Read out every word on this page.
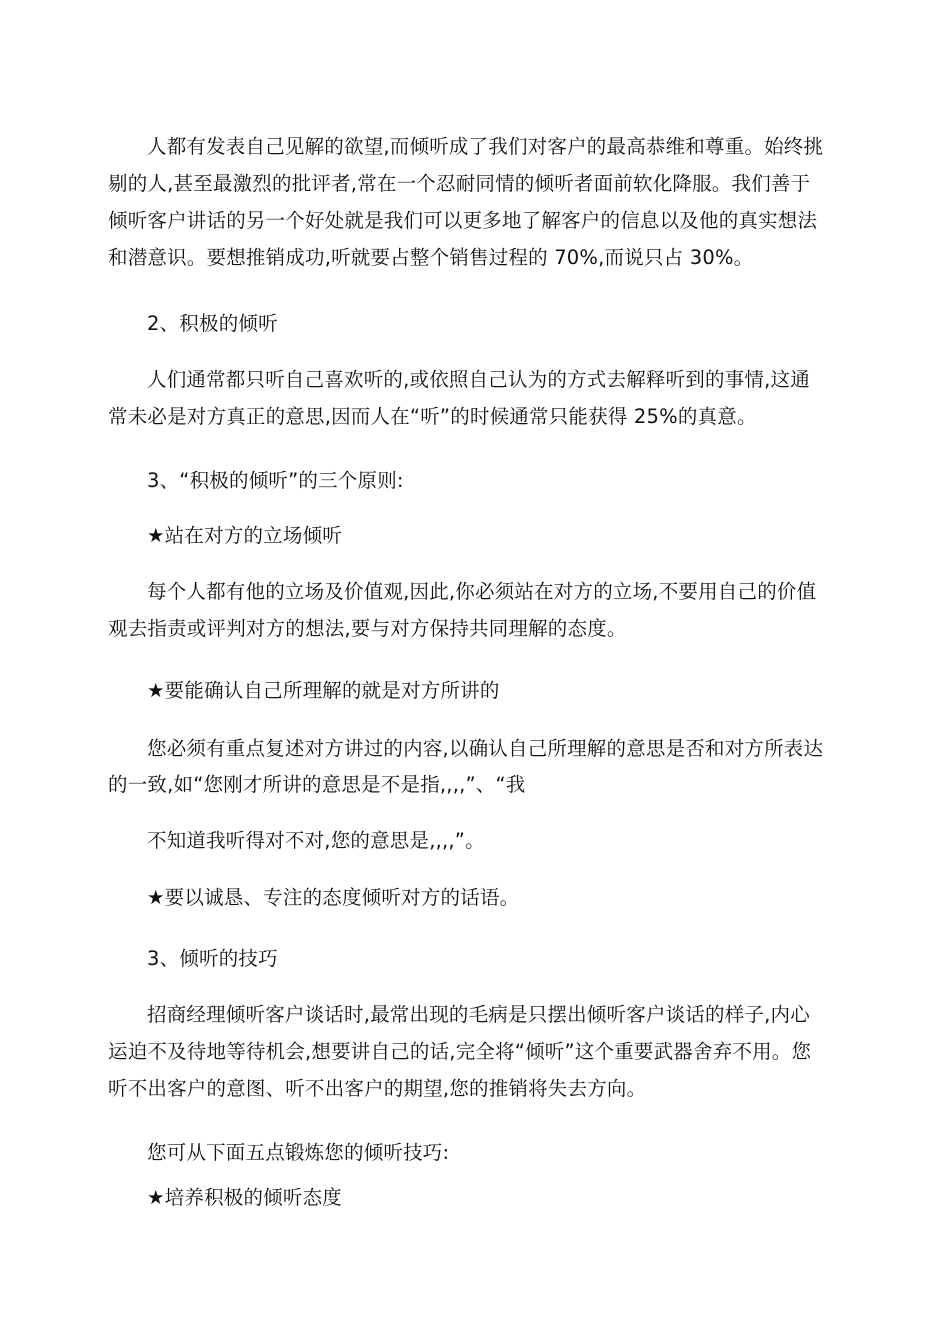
人都有发表自己见解的欲望,而倾听成了我们对客户的最高恭维和尊重。始终挑
剔的人,甚至最激烈的批评者,常在一个忍耐同情的倾听者面前软化降服。我们善于
倾听客户讲话的另一个好处就是我们可以更多地了解客户的信息以及他的真实想法
和潜意识。要想推销成功,听就要占整个销售过程的 70%,而说只占 30%。
2、积极的倾听
人们通常都只听自己喜欢听的,或依照自己认为的方式去解释听到的事情,这通
常未必是对方真正的意思,因而人在“听”的时候通常只能获得 25%的真意。
3、“积极的倾听”的三个原则:
★站在对方的立场倾听
每个人都有他的立场及价值观,因此,你必须站在对方的立场,不要用自己的价值
观去指责或评判对方的想法,要与对方保持共同理解的态度。
★要能确认自己所理解的就是对方所讲的
您必须有重点复述对方讲过的内容,以确认自己所理解的意思是否和对方所表达
的一致,如“您刚才所讲的意思是不是指,,,,”、“我
不知道我听得对不对,您的意思是,,,,”。
★要以诚恳、专注的态度倾听对方的话语。
3、倾听的技巧
招商经理倾听客户谈话时,最常出现的毛病是只摆出倾听客户谈话的样子,内心
运迫不及待地等待机会,想要讲自己的话,完全将“倾听”这个重要武器舍弃不用。您
听不出客户的意图、听不出客户的期望,您的推销将失去方向。
您可从下面五点锻炼您的倾听技巧:
★培养积极的倾听态度
